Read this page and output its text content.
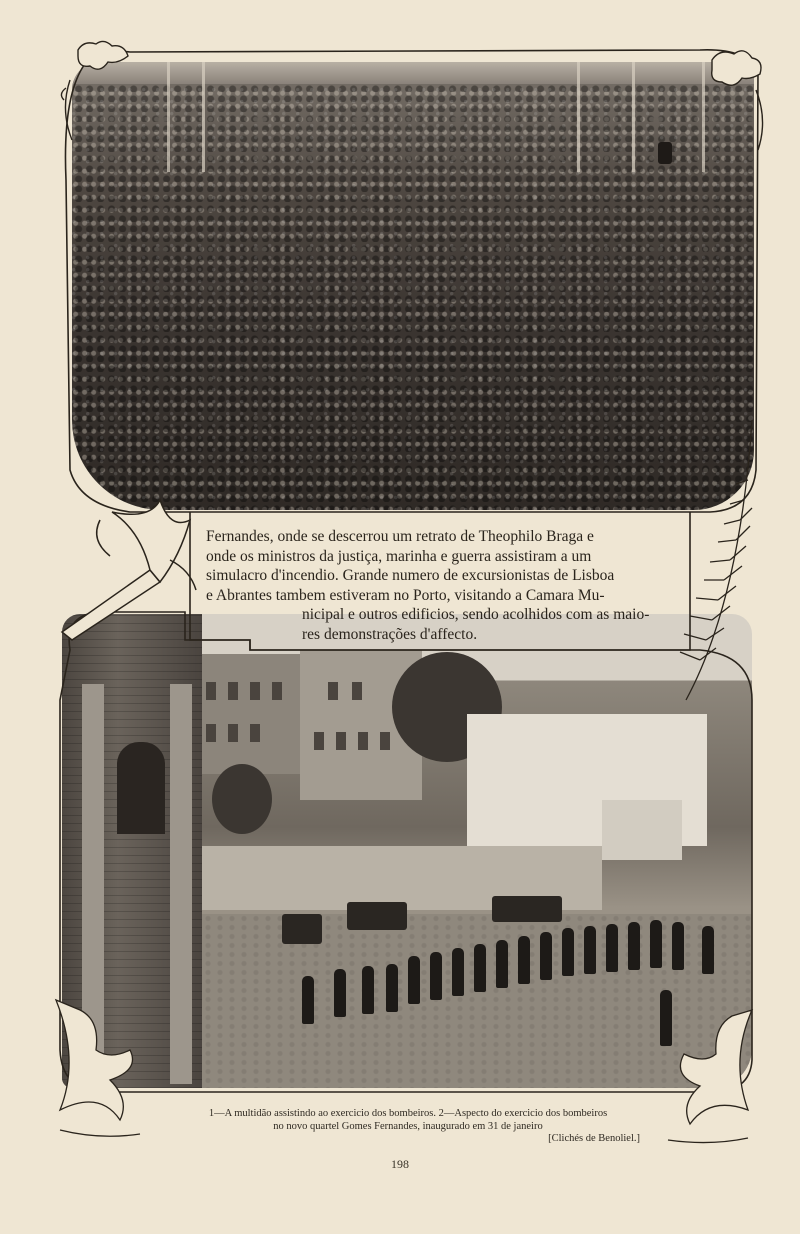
Fernandes, onde se descerrou um retrato de Theophilo Braga e
onde os ministros da justiça, marinha e guerra assistiram a um
simulacro d'incendio. Grande numero de excursionistas de Lisboa
e Abrantes tambem estiveram no Porto, visitando a Camara Mu-
nicipal e outros edificios, sendo acolhidos com as maio-
res demonstrações d'affecto.

1—A multidão assistindo ao exercicio dos bombeiros. 2—Aspecto do exercicio dos bombeiros
no novo quartel Gomes Fernandes, inaugurado em 31 de janeiro
[Clichés de Benoliel.]
198
